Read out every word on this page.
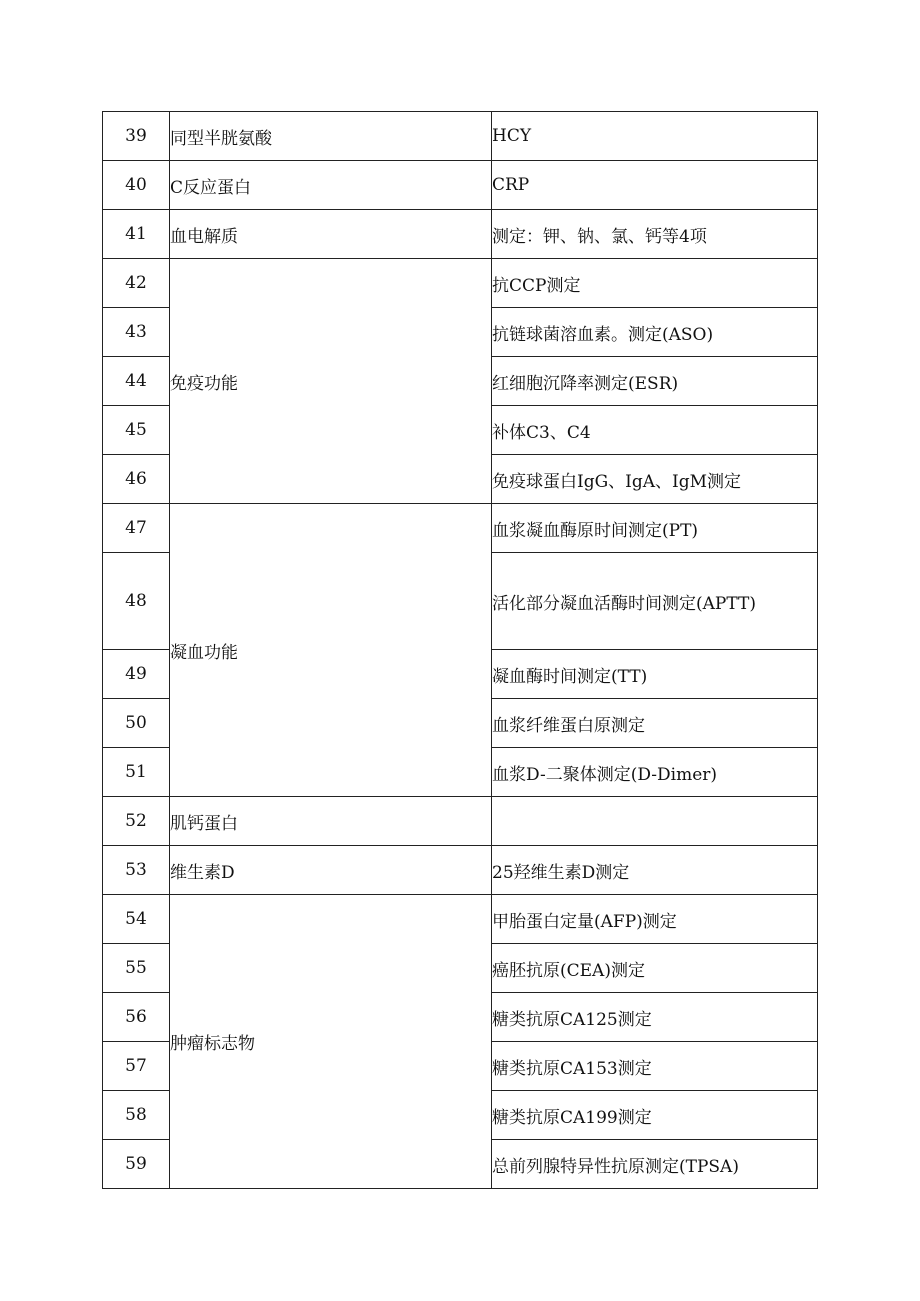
39	同型半胱氨酸	HCY
40	C反应蛋白	CRP
41	血电解质	测定：钾、钠、氯、钙等4项
42	免疫功能	抗CCP测定
43		抗链球菌溶血素。测定(ASO)
44		红细胞沉降率测定(ESR)
45		补体C3、C4
46		免疫球蛋白IgG、IgA、IgM测定
47	凝血功能	血浆凝血酶原时间测定(PT)
48		活化部分凝血活酶时间测定(APTT)
49		凝血酶时间测定(TT)
50		血浆纤维蛋白原测定
51		血浆D-二聚体测定(D-Dimer)
52	肌钙蛋白	
53	维生素D	25羟维生素D测定
54	肿瘤标志物	甲胎蛋白定量(AFP)测定
55		癌胚抗原(CEA)测定
56		糖类抗原CA125测定
57		糖类抗原CA153测定
58		糖类抗原CA199测定
59		总前列腺特异性抗原测定(TPSA)
